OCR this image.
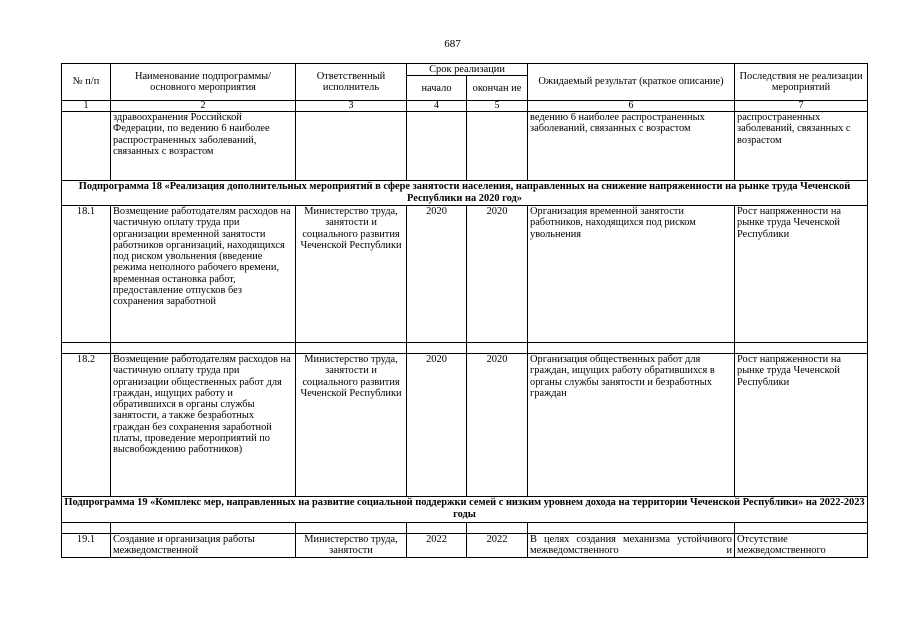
687
№ п/п	Наименование подпрограммы/ основного мероприятия	Ответственный исполнитель	Срок реализации		Ожидаемый результат (краткое описание)	Последствия не реализации мероприятий
			начало	окончан ие		
1	2	3	4	5	6	7
	здравоохранения Российской Федерации, по ведению 6 наиболее распространенных заболеваний, связанных с возрастом				ведению 6 наиболее распространенных заболеваний, связанных с возрастом	распространенных заболеваний, связанных с возрастом
Подпрограмма 18 «Реализация дополнительных мероприятий в сфере занятости населения, направленных на снижение напряженности на рынке труда Чеченской Республики на 2020 год»						
18.1	Возмещение работодателям расходов на частичную оплату труда при организации временной занятости работников организаций, находящихся под риском увольнения (введение режима неполного рабочего времени, временная остановка работ, предоставление отпусков без сохранения заработной	Министерство труда, занятости и социального развития Чеченской Республики	2020	2020	Организация временной занятости работников, находящихся под риском увольнения	Рост напряженности на рынке труда Чеченской Республики

18.2	Возмещение работодателям расходов на частичную оплату труда при организации общественных работ для граждан, ищущих работу и обратившихся в органы службы занятости, а также безработных граждан без сохранения заработной платы, проведение мероприятий по высвобождению работников)	Министерство труда, занятости и социального развития Чеченской Республики	2020	2020	Организация общественных работ для граждан, ищущих работу обратившихся в органы службы занятости и безработных граждан	Рост напряженности на рынке труда Чеченской Республики
Подпрограмма 19 «Комплекс мер, направленных на развитие социальной поддержки семей с низким уровнем дохода на территории Чеченской Республики» на 2022-2023 годы						

19.1	Создание и организация работы межведомственной	Министерство труда, занятости	2022	2022	В целях создания механизма устойчивого межведомственного и	Отсутствие межведомственного
